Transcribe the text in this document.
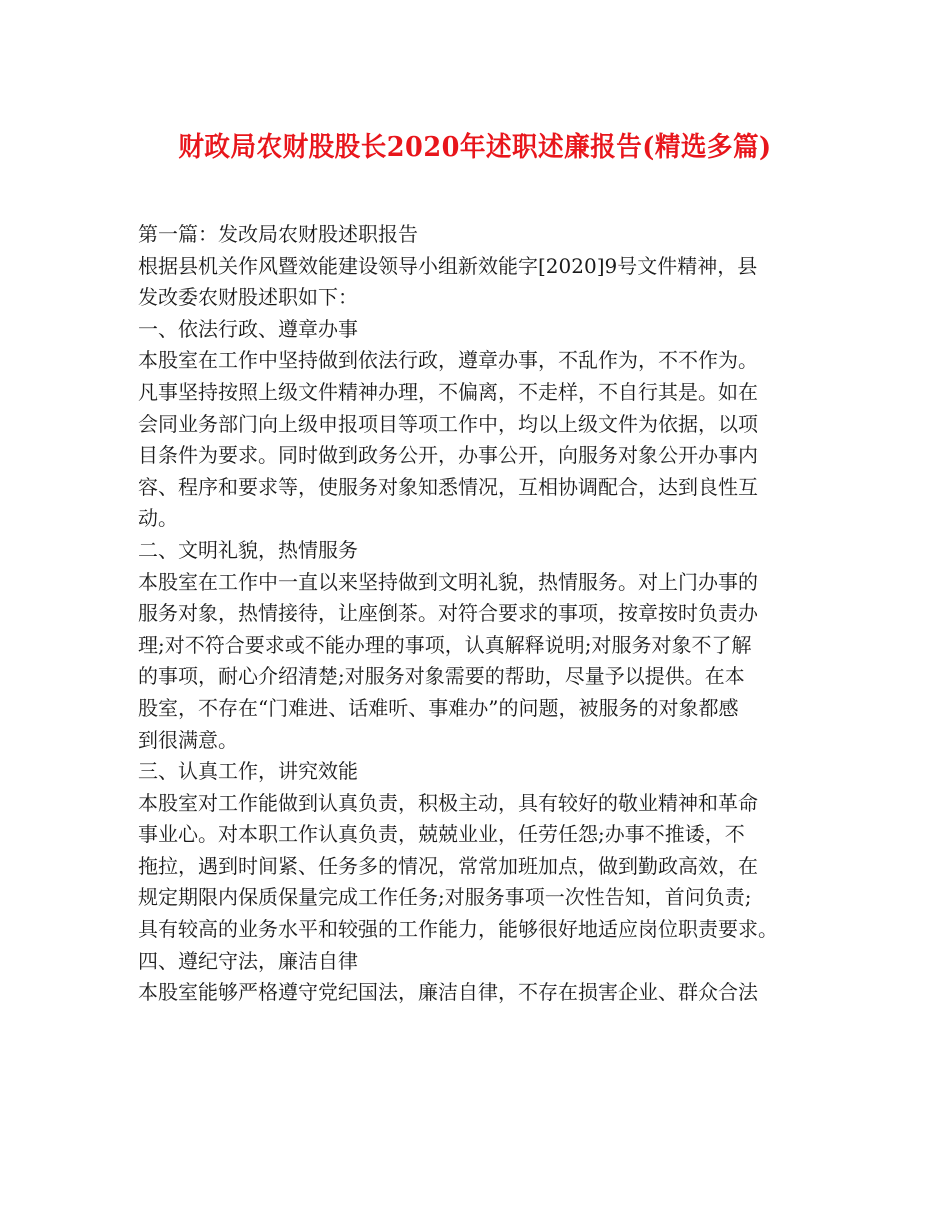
财政局农财股股长2020年述职述廉报告(精选多篇)
第一篇：发改局农财股述职报告
根据县机关作风暨效能建设领导小组新效能字[2020]9号文件精神，县
发改委农财股述职如下：
一、依法行政、遵章办事
本股室在工作中坚持做到依法行政，遵章办事，不乱作为，不不作为。
凡事坚持按照上级文件精神办理，不偏离，不走样，不自行其是。如在
会同业务部门向上级申报项目等项工作中，均以上级文件为依据，以项
目条件为要求。同时做到政务公开，办事公开，向服务对象公开办事内
容、程序和要求等，使服务对象知悉情况，互相协调配合，达到良性互
动。
二、文明礼貌，热情服务
本股室在工作中一直以来坚持做到文明礼貌，热情服务。对上门办事的
服务对象，热情接待，让座倒茶。对符合要求的事项，按章按时负责办
理;对不符合要求或不能办理的事项，认真解释说明;对服务对象不了解
的事项，耐心介绍清楚;对服务对象需要的帮助，尽量予以提供。在本
股室，不存在“门难进、话难听、事难办”的问题，被服务的对象都感
到很满意。
三、认真工作，讲究效能
本股室对工作能做到认真负责，积极主动，具有较好的敬业精神和革命
事业心。对本职工作认真负责，兢兢业业，任劳任怨;办事不推诿，不
拖拉，遇到时间紧、任务多的情况，常常加班加点，做到勤政高效，在
规定期限内保质保量完成工作任务;对服务事项一次性告知，首问负责;
具有较高的业务水平和较强的工作能力，能够很好地适应岗位职责要求。
四、遵纪守法，廉洁自律
本股室能够严格遵守党纪国法，廉洁自律，不存在损害企业、群众合法
